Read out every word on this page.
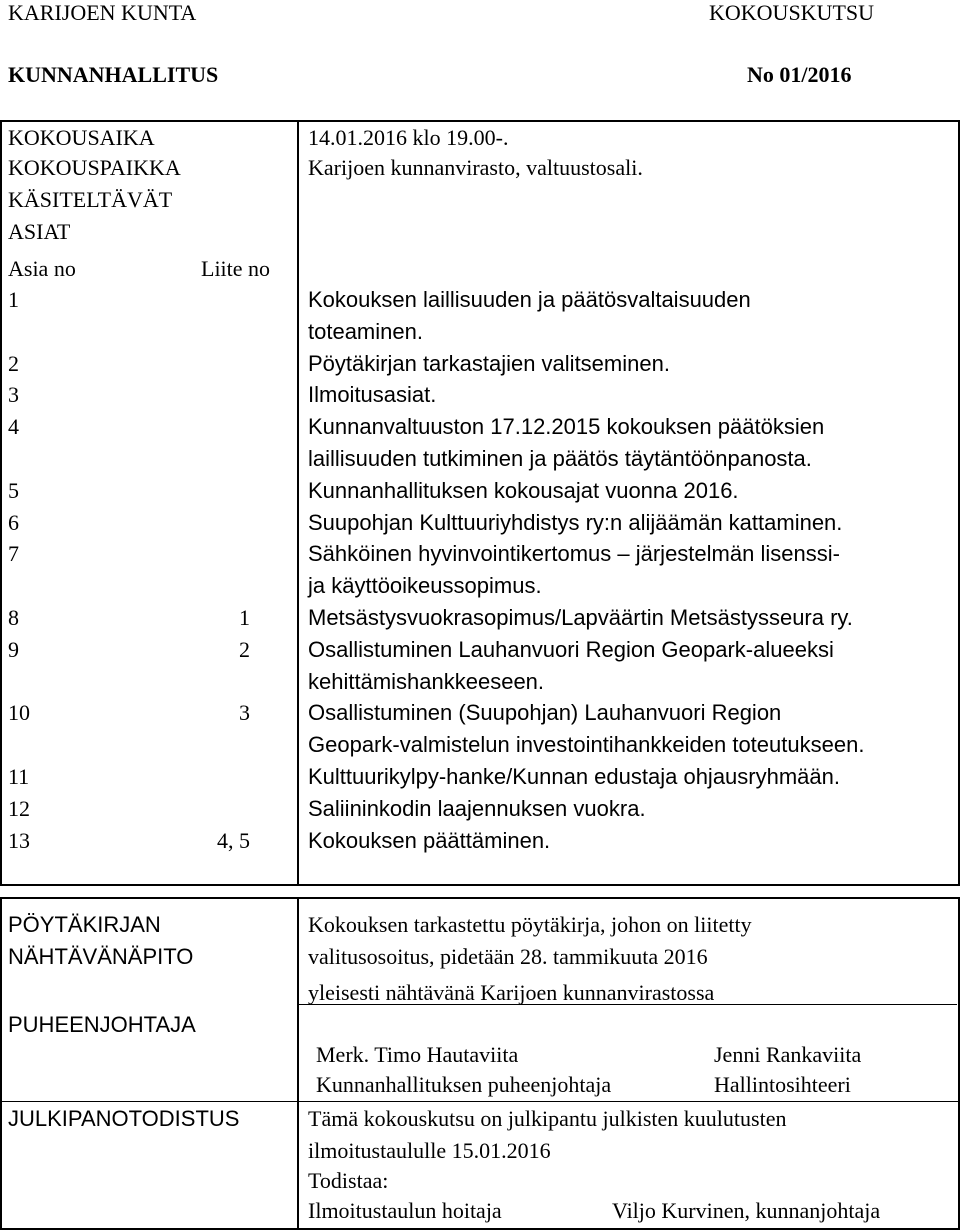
KARIJOEN KUNTA	KOKOUSKUTSU
KUNNANHALLITUS	No 01/2016
KOKOUSAIKA	14.01.2016 klo 19.00-.
KOKOUSPAIKKA	Karijoen kunnanvirasto, valtuustosali.
KÄSITELTÄVÄT
ASIAT
Asia no	Liite no
1	Kokouksen laillisuuden ja päätösvaltaisuuden
toteaminen.
2	Pöytäkirjan tarkastajien valitseminen.
3	Ilmoitusasiat.
4	Kunnanvaltuuston 17.12.2015 kokouksen päätöksien
laillisuuden tutkiminen ja päätös täytäntöönpanosta.
5	Kunnanhallituksen kokousajat vuonna 2016.
6	Suupohjan Kulttuuriyhdistys ry:n alijäämän kattaminen.
7	Sähköinen hyvinvointikertomus – järjestelmän lisenssi-
ja käyttöoikeussopimus.
8	1	Metsästysvuokrasopimus/Lapväärtin Metsästysseura ry.
9	2	Osallistuminen Lauhanvuori Region Geopark-alueeksi
kehittämishankkeeseen.
10	3	Osallistuminen (Suupohjan) Lauhanvuori Region
Geopark-valmistelun investointihankkeiden toteutukseen.
11	Kulttuurikylpy-hanke/Kunnan edustaja ohjausryhmään.
12	Saliininkodin laajennuksen vuokra.
13	4, 5	Kokouksen päättäminen.
PÖYTÄKIRJAN
NÄHTÄVÄNÄPITO
Kokouksen tarkastettu pöytäkirja, johon on liitetty
valitusosoitus, pidetään 28. tammikuuta 2016
yleisesti nähtävänä Karijoen kunnanvirastossa
PUHEENJOHTAJA
Merk. Timo Hautaviita	Jenni Rankaviita
Kunnanhallituksen puheenjohtaja	Hallintosihteeri
JULKIPANOTODISTUS	Tämä kokouskutsu on julkipantu julkisten kuulutusten
ilmoitustaululle 15.01.2016
Todistaa:
Ilmoitustaulun hoitaja	Viljo Kurvinen, kunnanjohtaja
